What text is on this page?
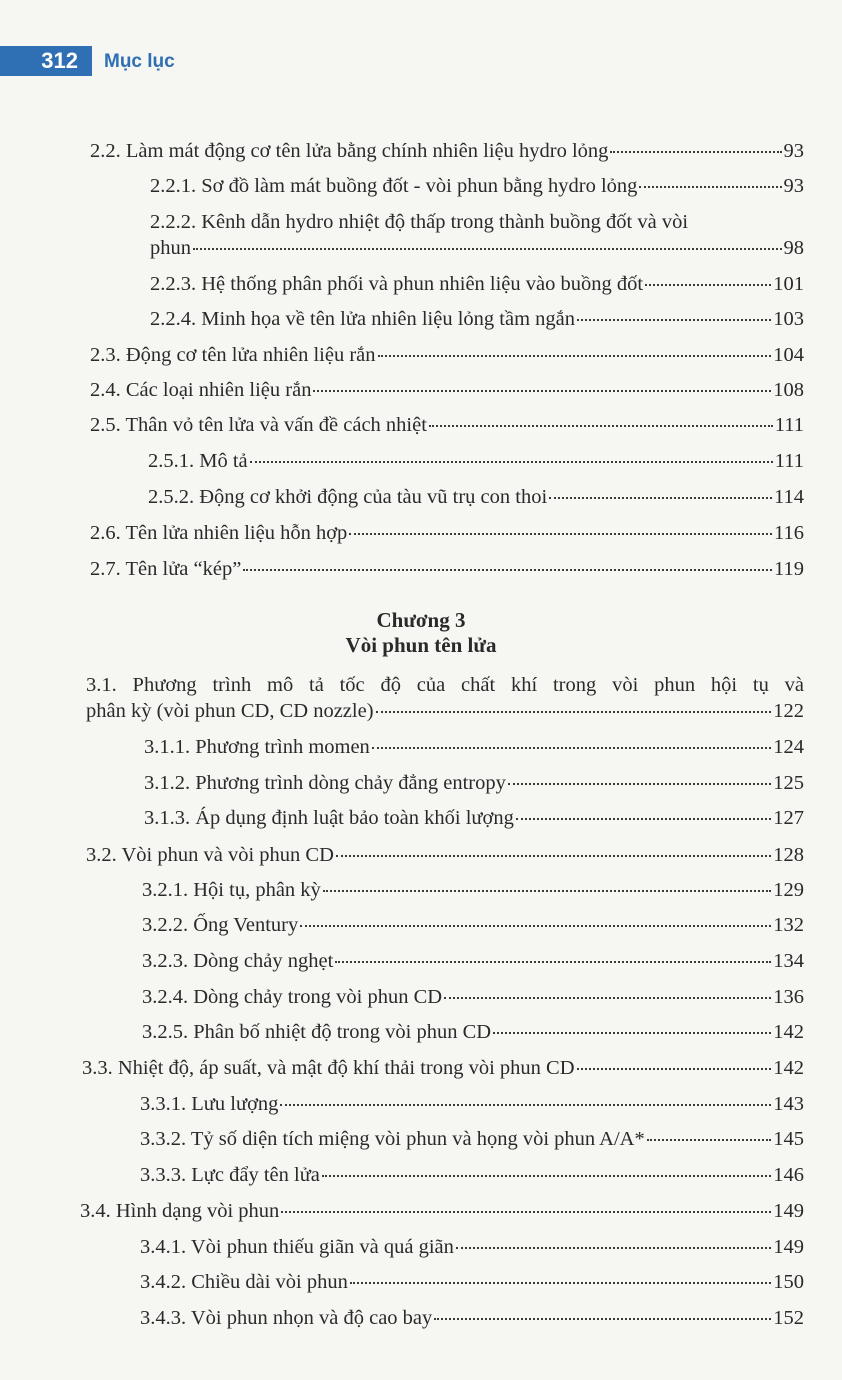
312	Mục lục
2.2. Làm mát động cơ tên lửa bằng chính nhiên liệu hydro lỏng	93
2.2.1. Sơ đồ làm mát buồng đốt - vòi phun bằng hydro lỏng	93
2.2.2. Kênh dẫn hydro nhiệt độ thấp trong thành buồng đốt và vòi
phun	98
2.2.3. Hệ thống phân phối và phun nhiên liệu vào buồng đốt	101
2.2.4. Minh họa về tên lửa nhiên liệu lỏng tầm ngắn	103
2.3. Động cơ tên lửa nhiên liệu rắn	104
2.4. Các loại nhiên liệu rắn	108
2.5. Thân vỏ tên lửa và vấn đề cách nhiệt	111
2.5.1. Mô tả	111
2.5.2. Động cơ khởi động của tàu vũ trụ con thoi	114
2.6. Tên lửa nhiên liệu hỗn hợp	116
2.7. Tên lửa “kép”	119
Chương 3
Vòi phun tên lửa
3.1. Phương trình mô tả tốc độ của chất khí trong vòi phun hội tụ và
phân kỳ (vòi phun CD, CD nozzle)	122
3.1.1. Phương trình momen	124
3.1.2. Phương trình dòng chảy đẳng entropy	125
3.1.3. Áp dụng định luật bảo toàn khối lượng	127
3.2. Vòi phun và vòi phun CD	128
3.2.1. Hội tụ, phân kỳ	129
3.2.2. Ống Ventury	132
3.2.3. Dòng chảy nghẹt	134
3.2.4. Dòng chảy trong vòi phun CD	136
3.2.5. Phân bố nhiệt độ trong vòi phun CD	142
3.3. Nhiệt độ, áp suất, và mật độ khí thải trong vòi phun CD	142
3.3.1. Lưu lượng	143
3.3.2. Tỷ số diện tích miệng vòi phun và họng vòi phun A/A*	145
3.3.3. Lực đẩy tên lửa	146
3.4. Hình dạng vòi phun	149
3.4.1. Vòi phun thiếu giãn và quá giãn	149
3.4.2. Chiều dài vòi phun	150
3.4.3. Vòi phun nhọn và độ cao bay	152
